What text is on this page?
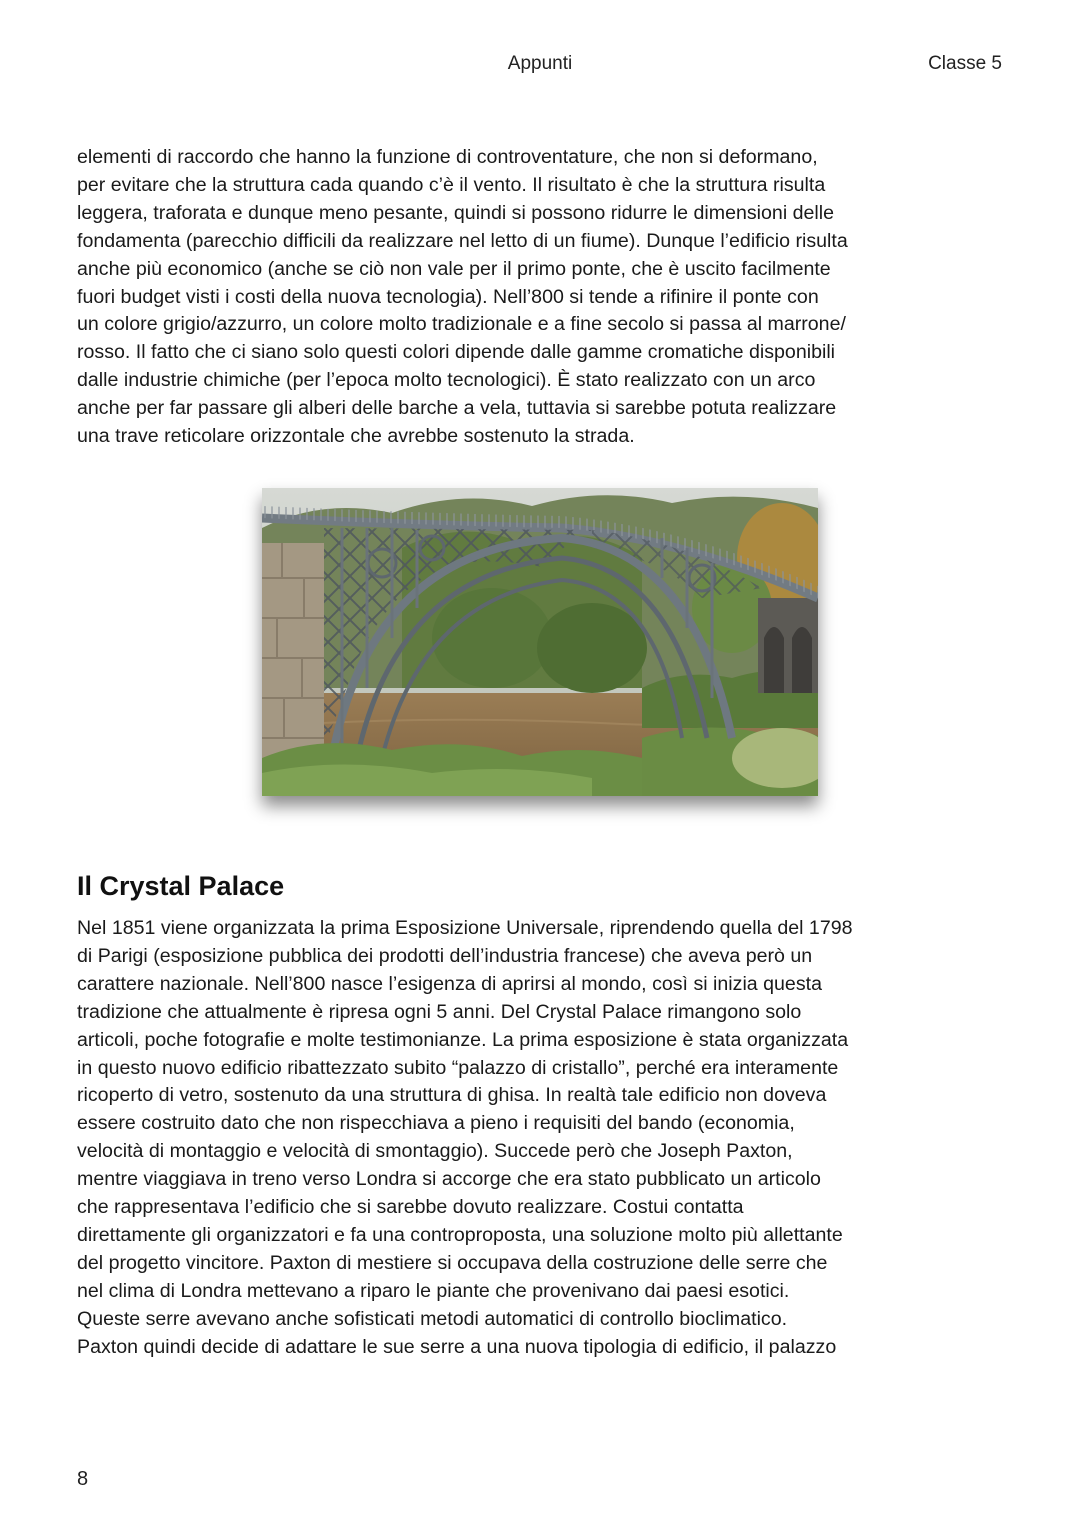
Appunti	Classe 5
elementi di raccordo che hanno la funzione di controventature, che non si deformano,
per evitare che la struttura cada quando c’è il vento. Il risultato è che la struttura risulta
leggera, traforata e dunque meno pesante, quindi si possono ridurre le dimensioni delle
fondamenta (parecchio difficili da realizzare nel letto di un fiume). Dunque l’edificio risulta
anche più economico (anche se ciò non vale per il primo ponte, che è uscito facilmente
fuori budget visti i costi della nuova tecnologia). Nell’800 si tende a rifinire il ponte con
un colore grigio/azzurro, un colore molto tradizionale e a fine secolo si passa al marrone/
rosso. Il fatto che ci siano solo questi colori dipende dalle gamme cromatiche disponibili
dalle industrie chimiche (per l’epoca molto tecnologici). È stato realizzato con un arco
anche per far passare gli alberi delle barche a vela, tuttavia si sarebbe potuta realizzare
una trave reticolare orizzontale che avrebbe sostenuto la strada.
Il Crystal Palace
Nel 1851 viene organizzata la prima Esposizione Universale, riprendendo quella del 1798
di Parigi (esposizione pubblica dei prodotti dell’industria francese) che aveva però un
carattere nazionale. Nell’800 nasce l’esigenza di aprirsi al mondo, così si inizia questa
tradizione che attualmente è ripresa ogni 5 anni. Del Crystal Palace rimangono solo
articoli, poche fotografie e molte testimonianze. La prima esposizione è stata organizzata
in questo nuovo edificio ribattezzato subito “palazzo di cristallo”, perché era interamente
ricoperto di vetro, sostenuto da una struttura di ghisa. In realtà tale edificio non doveva
essere costruito dato che non rispecchiava a pieno i requisiti del bando (economia,
velocità di montaggio e velocità di smontaggio). Succede però che Joseph Paxton,
mentre viaggiava in treno verso Londra si accorge che era stato pubblicato un articolo
che rappresentava l’edificio che si sarebbe dovuto realizzare. Costui contatta
direttamente gli organizzatori e fa una controproposta, una soluzione molto più allettante
del progetto vincitore. Paxton di mestiere si occupava della costruzione delle serre che
nel clima di Londra mettevano a riparo le piante che provenivano dai paesi esotici.
Queste serre avevano anche sofisticati metodi automatici di controllo bioclimatico.
Paxton quindi decide di adattare le sue serre a una nuova tipologia di edificio, il palazzo
8
